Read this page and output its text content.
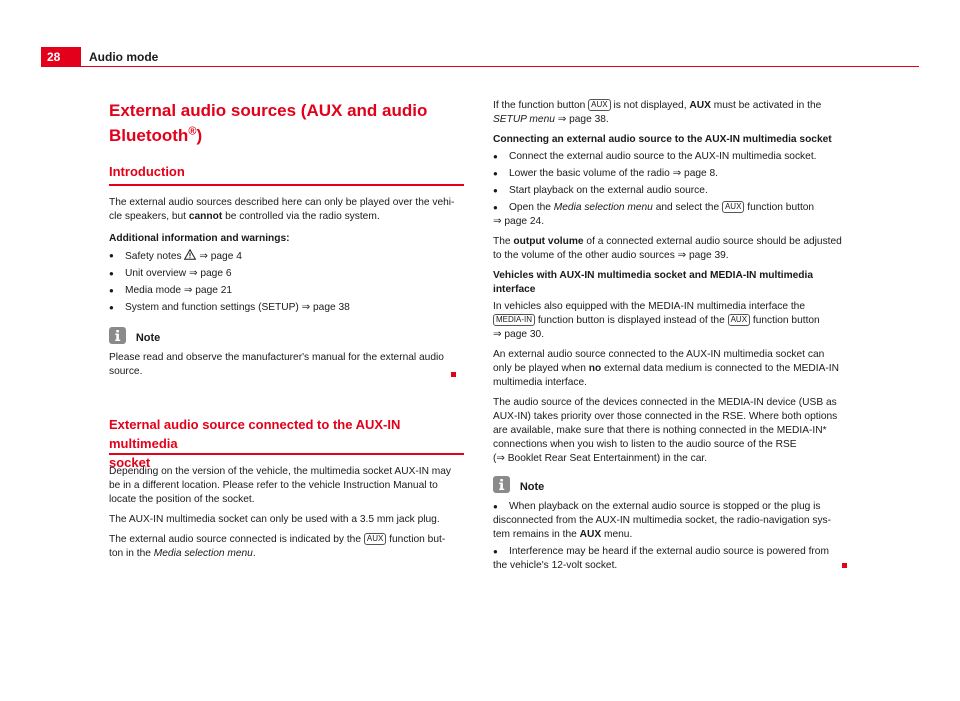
28	Audio mode
External audio sources (AUX and audio
Bluetooth®)
Introduction

The external audio sources described here can only be played over the vehi-

cle speakers, but cannot be controlled via the radio system.

Additional information and warnings:
● Safety notes ⇒ page 4
● Unit overview ⇒ page 6
● Media mode ⇒ page 21
● System and function settings (SETUP) ⇒ page 38
Note

Please read and observe the manufacturer's manual for the external audio

source.

External audio source connected to the AUX-IN multimedia
socket

Depending on the version of the vehicle, the multimedia socket AUX-IN may

be in a different location. Please refer to the vehicle Instruction Manual to

locate the position of the socket.

The AUX-IN multimedia socket can only be used with a 3.5 mm jack plug.

The external audio source connected is indicated by the AUX function but-

ton in the Media selection menu.

If the function button AUX is not displayed, AUX must be activated in the

SETUP menu ⇒ page 38.

Connecting an external audio source to the AUX-IN multimedia socket

● Connect the external audio source to the AUX-IN multimedia socket.
● Lower the basic volume of the radio ⇒ page 8.
● Start playback on the external audio source.
● Open the Media selection menu and select the AUX function button

⇒ page 24.

The output volume of a connected external audio source should be adjusted

to the volume of the other audio sources ⇒ page 39.

Vehicles with AUX-IN multimedia socket and MEDIA-IN multimedia interface

In vehicles also equipped with the MEDIA-IN multimedia interface the

MEDIA-IN function button is displayed instead of the AUX function button

⇒ page 30.

An external audio source connected to the AUX-IN multimedia socket can

only be played when no external data medium is connected to the MEDIA-IN

multimedia interface.

The audio source of the devices connected in the MEDIA-IN device (USB as

AUX-IN) takes priority over those connected in the RSE. Where both options

are available, make sure that there is nothing connected in the MEDIA-IN*

connections when you wish to listen to the audio source of the RSE

(⇒ Booklet Rear Seat Entertainment) in the car.

Note
● When playback on the external audio source is stopped or the plug is

disconnected from the AUX-IN multimedia socket, the radio-navigation sys-

tem remains in the AUX menu.

● Interference may be heard if the external audio source is powered from

the vehicle's 12-volt socket.
